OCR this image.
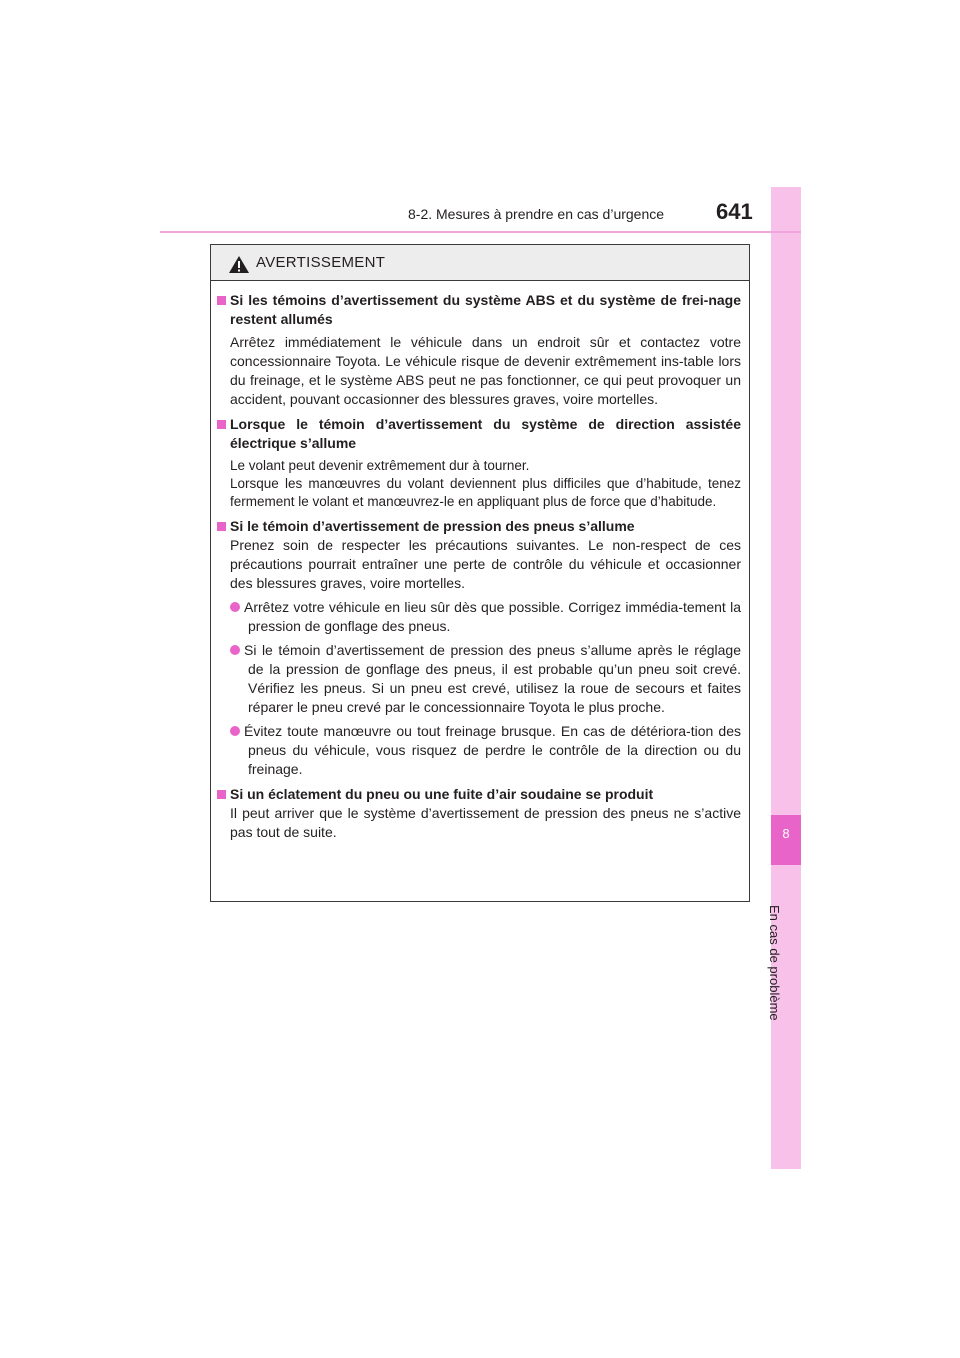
8
En cas de problème
8-2. Mesures à prendre en cas d’urgence 641
AVERTISSEMENT
Si les témoins d’avertissement du système ABS et du système de frei-nage restent allumés
Arrêtez immédiatement le véhicule dans un endroit sûr et contactez votre concessionnaire Toyota. Le véhicule risque de devenir extrêmement ins-table lors du freinage, et le système ABS peut ne pas fonctionner, ce qui peut provoquer un accident, pouvant occasionner des blessures graves, voire mortelles.
Lorsque le témoin d’avertissement du système de direction assistée électrique s’allume
Le volant peut devenir extrêmement dur à tourner.
Lorsque les manœuvres du volant deviennent plus difficiles que d’habitude, tenez fermement le volant et manœuvrez-le en appliquant plus de force que d’habitude.
Si le témoin d’avertissement de pression des pneus s’allume
Prenez soin de respecter les précautions suivantes. Le non-respect de ces précautions pourrait entraîner une perte de contrôle du véhicule et occasionner des blessures graves, voire mortelles.
Arrêtez votre véhicule en lieu sûr dès que possible. Corrigez immédia-tement la pression de gonflage des pneus.
Si le témoin d’avertissement de pression des pneus s’allume après le réglage de la pression de gonflage des pneus, il est probable qu’un pneu soit crevé. Vérifiez les pneus. Si un pneu est crevé, utilisez la roue de secours et faites réparer le pneu crevé par le concessionnaire Toyota le plus proche.
Évitez toute manœuvre ou tout freinage brusque. En cas de détériora-tion des pneus du véhicule, vous risquez de perdre le contrôle de la direction ou du freinage.
Si un éclatement du pneu ou une fuite d’air soudaine se produit
Il peut arriver que le système d’avertissement de pression des pneus ne s’active pas tout de suite.
